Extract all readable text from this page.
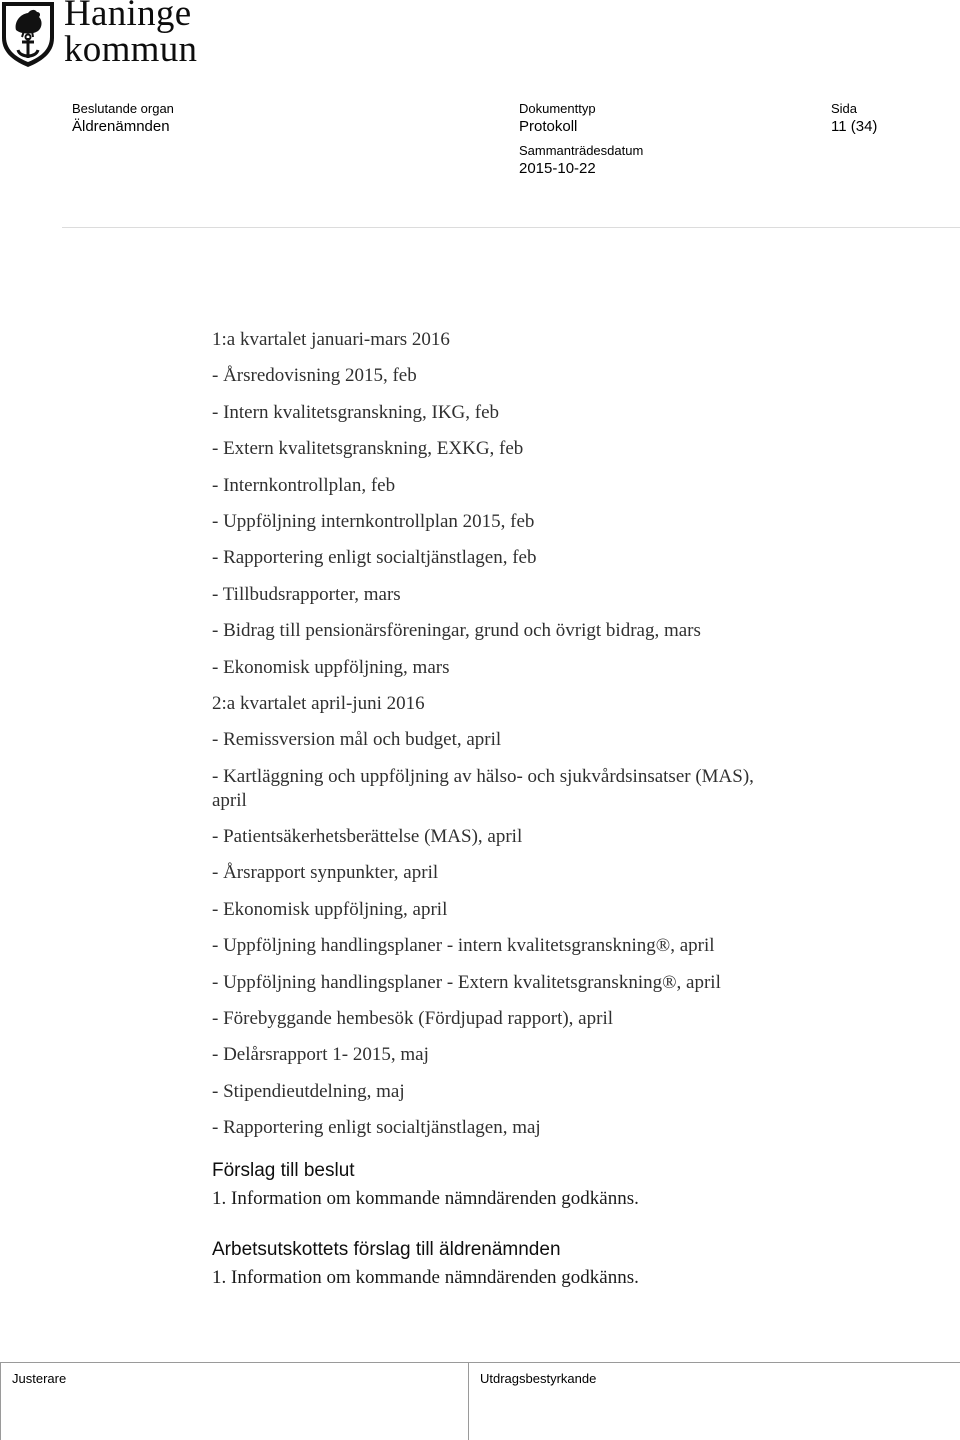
Haninge
kommun
Beslutande organ
Äldrenämnden
Dokumenttyp
Protokoll
Sammanträdesdatum
2015-10-22
Sida
11 (34)
1:a kvartalet januari-mars 2016
- Årsredovisning 2015, feb
- Intern kvalitetsgranskning, IKG, feb
- Extern kvalitetsgranskning, EXKG, feb
- Internkontrollplan, feb
- Uppföljning internkontrollplan 2015, feb
- Rapportering enligt socialtjänstlagen, feb
- Tillbudsrapporter, mars
- Bidrag till pensionärsföreningar, grund och övrigt bidrag, mars
- Ekonomisk uppföljning, mars
2:a kvartalet april-juni 2016
- Remissversion mål och budget, april
- Kartläggning och uppföljning av hälso- och sjukvårdsinsatser (MAS), april
- Patientsäkerhetsberättelse (MAS), april
- Årsrapport synpunkter, april
- Ekonomisk uppföljning, april
- Uppföljning handlingsplaner - intern kvalitetsgranskning®, april
- Uppföljning handlingsplaner - Extern kvalitetsgranskning®, april
- Förebyggande hembesök (Fördjupad rapport), april
- Delårsrapport 1- 2015, maj
- Stipendieutdelning, maj
- Rapportering enligt socialtjänstlagen, maj
Förslag till beslut
1. Information om kommande nämndärenden godkänns.
Arbetsutskottets förslag till äldrenämnden
1. Information om kommande nämndärenden godkänns.
Justerare	Utdragsbestyrkande
